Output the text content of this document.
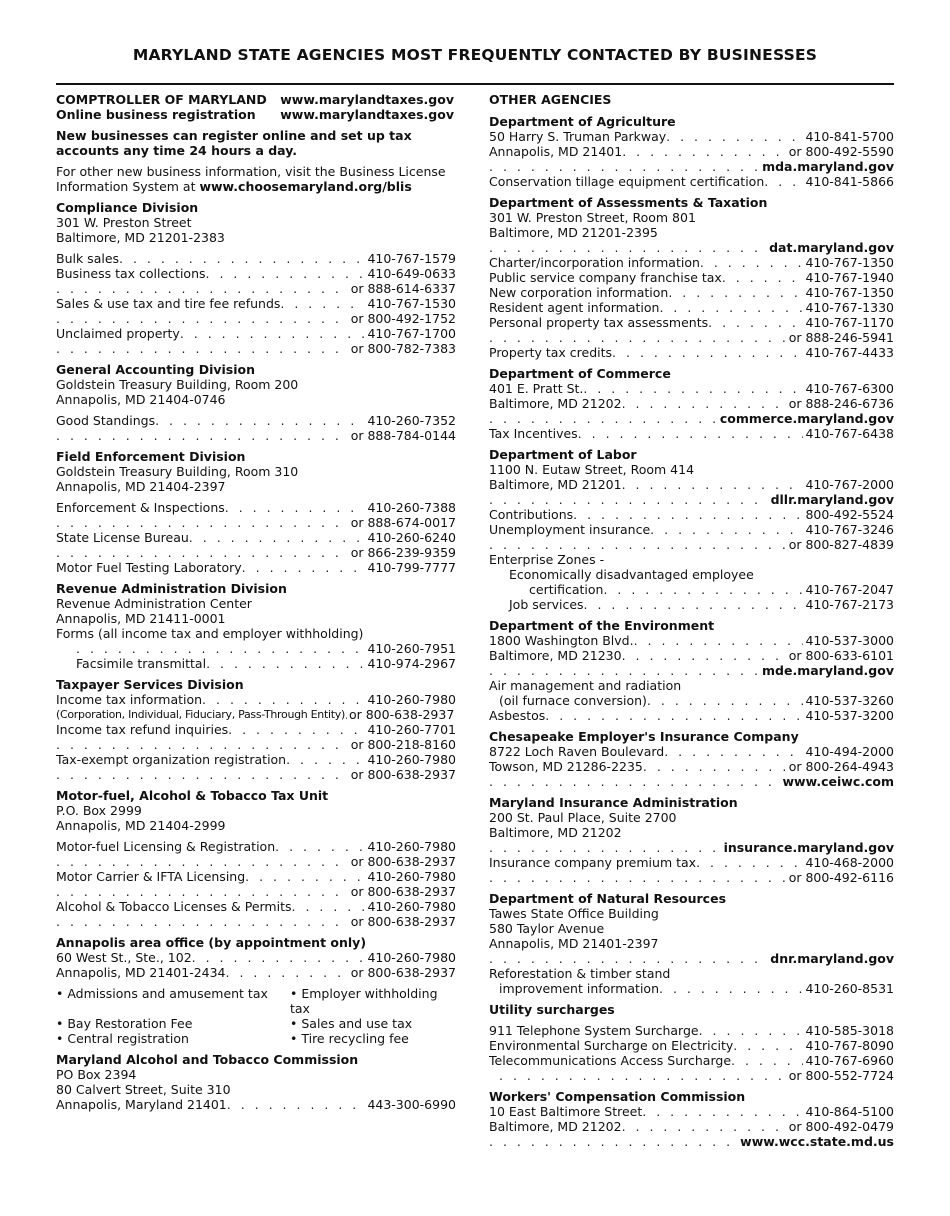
MARYLAND STATE AGENCIES MOST FREQUENTLY CONTACTED BY BUSINESSES
COMPTROLLER OF MARYLAND www.marylandtaxes.gov
Online business registration www.marylandtaxes.gov

New businesses can register online and set up tax accounts any time 24 hours a day.

For other new business information, visit the Business License Information System at www.choosemaryland.org/blis

Compliance Division
301 W. Preston Street
Baltimore, MD 21201-2383
Bulk sales . . .	410-767-1579
Business tax collections . . .	410-649-0633
. . .
or 888-614-6337
Sales & use tax and tire fee refunds . . .	410-767-1530
. . .
or 800-492-1752
Unclaimed property . . .	410-767-1700
. . .
or 800-782-7383
General Accounting Division
Goldstein Treasury Building, Room 200
Annapolis, MD 21404-0746
Good Standings . . .	410-260-7352
. . .
or 888-784-0144
Field Enforcement Division
Goldstein Treasury Building, Room 310
Annapolis, MD 21404-2397
Enforcement & Inspections . . .	410-260-7388
. . .
or 888-674-0017
State License Bureau . . .	410-260-6240
. . .
or 866-239-9359
Motor Fuel Testing Laboratory . . .	410-799-7777
Revenue Administration Division
Revenue Administration Center
Annapolis, MD 21411-0001
Forms (all income tax and employer withholding)
. . .
410-260-7951
Facsimile transmittal . . .	410-974-2967
Taxpayer Services Division
Income tax information . . .	410-260-7980
(Corporation, Individual, Fiduciary, Pass-Through Entity) . . . or 800-638-2937
Income tax refund inquiries . . .	410-260-7701
. . .
or 800-218-8160
Tax-exempt organization registration . . .	410-260-7980
. . .
or 800-638-2937
Motor-fuel, Alcohol & Tobacco Tax Unit
P.O. Box 2999
Annapolis, MD 21404-2999
Motor-fuel Licensing & Registration . . .	410-260-7980
. . .
or 800-638-2937
Motor Carrier & IFTA Licensing . . .	410-260-7980
. . .
or 800-638-2937
Alcohol & Tobacco Licenses & Permits . . .	410-260-7980
. . .
or 800-638-2937
Annapolis area office (by appointment only)
60 West St., Ste., 102 . . .	410-260-7980
Annapolis, MD 21401-2434 . . .	or 800-638-2937
• Admissions and amusement tax	• Employer withholding tax
• Bay Restoration Fee	• Sales and use tax
• Central registration	• Tire recycling fee
Maryland Alcohol and Tobacco Commission
PO Box 2394
80 Calvert Street, Suite 310
Annapolis, Maryland 21401 . . .	443-300-6990
OTHER AGENCIES
Department of Agriculture
50 Harry S. Truman Parkway . . .	410-841-5700
Annapolis, MD 21401 . . .	or 800-492-5590
. . .
mda.maryland.gov
Conservation tillage equipment certification . . .	410-841-5866
Department of Assessments & Taxation
301 W. Preston Street, Room 801
Baltimore, MD 21201-2395
. . .
dat.maryland.gov
Charter/incorporation information . . .	410-767-1350
Public service company franchise tax . . .	410-767-1940
New corporation information . . .	410-767-1350
Resident agent information . . .	410-767-1330
Personal property tax assessments . . .	410-767-1170
. . .
or 888-246-5941
Property tax credits . . .	410-767-4433
Department of Commerce
401 E. Pratt St. . . .	410-767-6300
Baltimore, MD 21202 . . .	or 888-246-6736
. . .
commerce.maryland.gov
Tax Incentives . . .	410-767-6438
Department of Labor
1100 N. Eutaw Street, Room 414
Baltimore, MD 21201 . . .	410-767-2000
. . .
dllr.maryland.gov
Contributions . . .	800-492-5524
Unemployment insurance . . .	410-767-3246
. . .
or 800-827-4839
Enterprise Zones -
Economically disadvantaged employee
certification . . .	410-767-2047
Job services . . .	410-767-2173
Department of the Environment
1800 Washington Blvd. . . .	410-537-3000
Baltimore, MD 21230 . . .	or 800-633-6101
. . .
mde.maryland.gov
Air management and radiation
(oil furnace conversion) . . .	410-537-3260
Asbestos . . .	410-537-3200
Chesapeake Employer's Insurance Company
8722 Loch Raven Boulevard . . .	410-494-2000
Towson, MD 21286-2235 . . .	or 800-264-4943
. . .
www.ceiwc.com
Maryland Insurance Administration
200 St. Paul Place, Suite 2700
Baltimore, MD 21202
. . .
insurance.maryland.gov
Insurance company premium tax . . .	410-468-2000
. . .
or 800-492-6116
Department of Natural Resources
Tawes State Office Building
580 Taylor Avenue
Annapolis, MD 21401-2397
. . .
dnr.maryland.gov
Reforestation & timber stand
improvement information . . .	410-260-8531
Utility surcharges
911 Telephone System Surcharge . . .	410-585-3018
Environmental Surcharge on Electricity . . .	410-767-8090
Telecommunications Access Surcharge . . .	410-767-6960
. . .
or 800-552-7724
Workers' Compensation Commission
10 East Baltimore Street . . .	410-864-5100
Baltimore, MD 21202 . . .	or 800-492-0479
. . .
www.wcc.state.md.us
